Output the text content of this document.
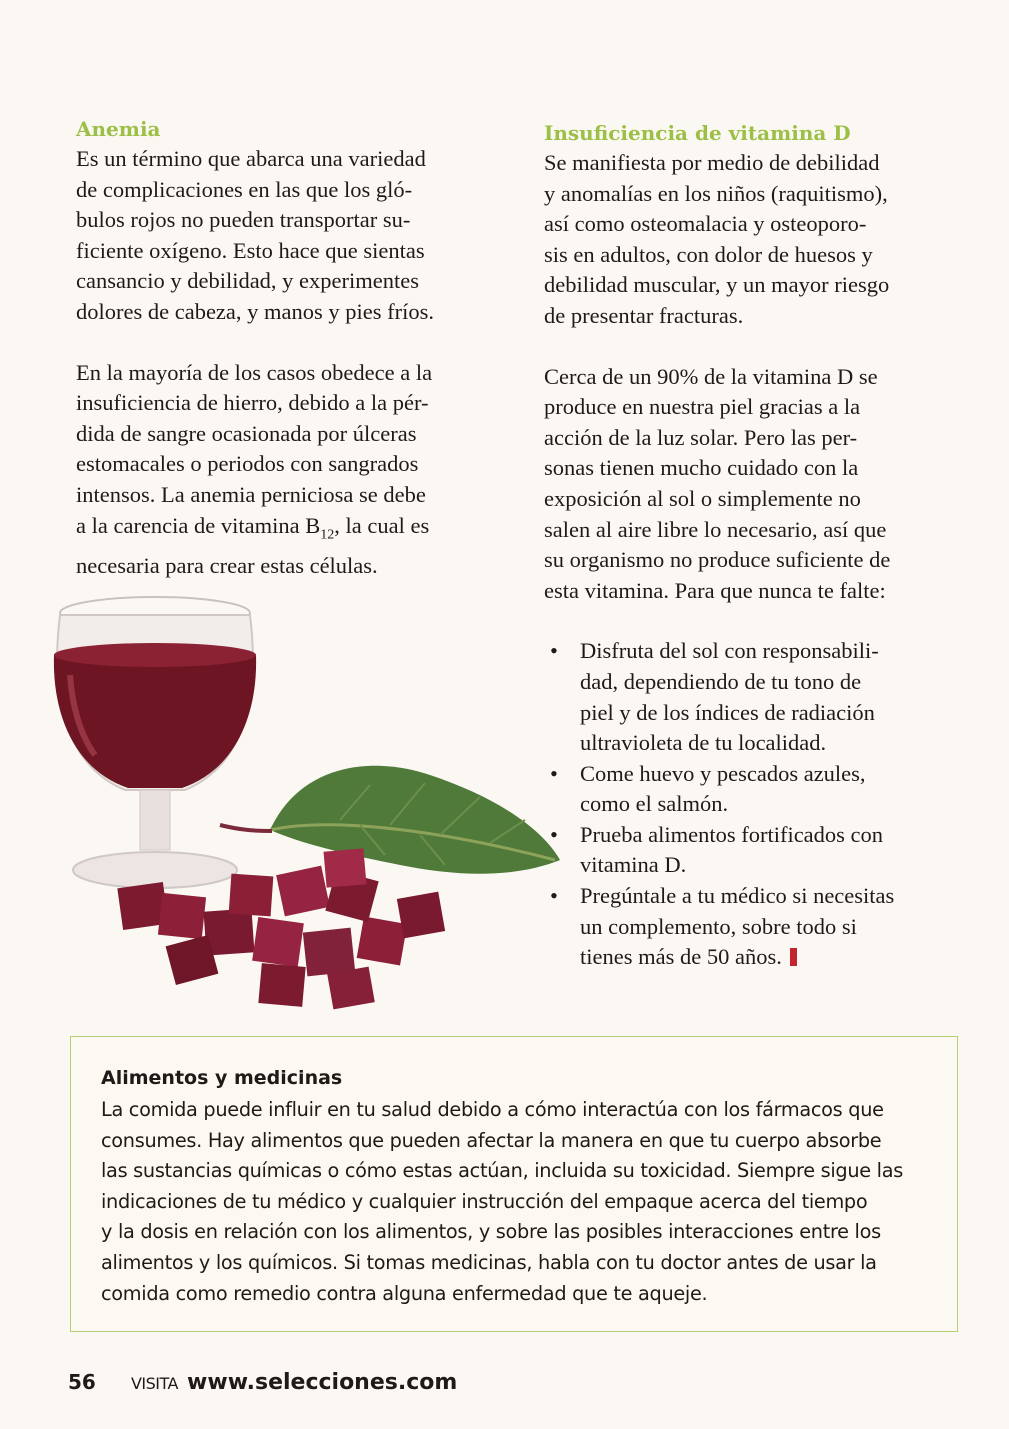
Anemia

Es un término que abarca una variedad
de complicaciones en las que los gló-
bulos rojos no pueden transportar su-
ficiente oxígeno. Esto hace que sientas
cansancio y debilidad, y experimentes
dolores de cabeza, y manos y pies fríos.

En la mayoría de los casos obedece a la
insuficiencia de hierro, debido a la pér-
dida de sangre ocasionada por úlceras
estomacales o periodos con sangrados
intensos. La anemia perniciosa se debe
a la carencia de vitamina $B_{12}$, la cual es
necesaria para crear estas células.

Insuficiencia de vitamina D

Se manifiesta por medio de debilidad
y anomalías en los niños (raquitismo),
así como osteomalacia y osteoporo-
sis en adultos, con dolor de huesos y
debilidad muscular, y un mayor riesgo
de presentar fracturas.

Cerca de un 90% de la vitamina D se
produce en nuestra piel gracias a la
acción de la luz solar. Pero las per-
sonas tienen mucho cuidado con la
exposición al sol o simplemente no
salen al aire libre lo necesario, así que
su organismo no produce suficiente de
esta vitamina. Para que nunca te falte:

• Disfruta del sol con responsabili-
dad, dependiendo de tu tono de
piel y de los índices de radiación
ultravioleta de tu localidad.
• Come huevo y pescados azules,
como el salmón.
• Prueba alimentos fortificados con
vitamina D.
• Pregúntale a tu médico si necesitas
un complemento, sobre todo si
tienes más de 50 años.
Alimentos y medicinas

La comida puede influir en tu salud debido a cómo interactúa con los fármacos que
consumes. Hay alimentos que pueden afectar la manera en que tu cuerpo absorbe
las sustancias químicas o cómo estas actúan, incluida su toxicidad. Siempre sigue las
indicaciones de tu médico y cualquier instrucción del empaque acerca del tiempo
y la dosis en relación con los alimentos, y sobre las posibles interacciones entre los
alimentos y los químicos. Si tomas medicinas, habla con tu doctor antes de usar la
comida como remedio contra alguna enfermedad que te aqueje.

56 VISITA www.selecciones.com
